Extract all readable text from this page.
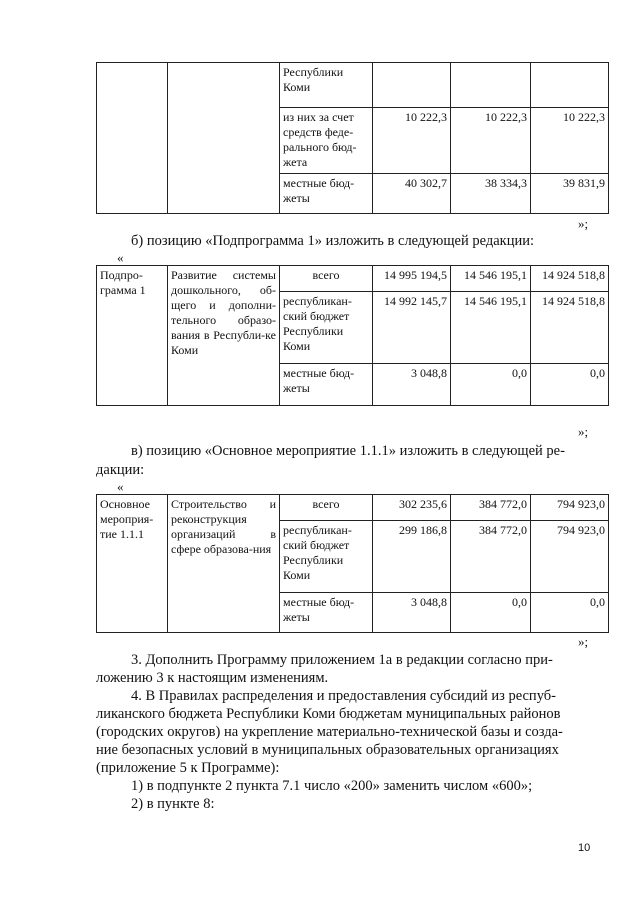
		Республики Коми			
		из них за счет средств феде-рального бюд-жета	10 222,3	10 222,3	10 222,3
		местные бюд-жеты	40 302,7	38 334,3	39 831,9
»;

б) позицию «Подпрограмма 1» изложить в следующей редакции:

«
Подпро-грамма 1	Развитие системы дошкольного, об-щего и дополни-тельного образо-вания в Республи-ке Коми	всего	14 995 194,5	14 546 195,1	14 924 518,8
		республикан-ский бюджет Республики Коми	14 992 145,7	14 546 195,1	14 924 518,8
		местные бюд-жеты	3 048,8	0,0	0,0
»;

в) позицию «Основное мероприятие 1.1.1» изложить в следующей ре-

дакции:

«
Основное мероприя-тие 1.1.1	Строительство и реконструкция организаций в сфере образова-ния	всего	302 235,6	384 772,0	794 923,0
		республикан-ский бюджет Республики Коми	299 186,8	384 772,0	794 923,0
		местные бюд-жеты	3 048,8	0,0	0,0
»;

3. Дополнить Программу приложением 1а в редакции согласно при-

ложению 3 к настоящим изменениям.

4. В Правилах распределения и предоставления субсидий из респуб-

ликанского бюджета Республики Коми бюджетам муниципальных районов

(городских округов) на укрепление материально-технической базы и созда-

ние безопасных условий в муниципальных образовательных организациях

(приложение 5 к Программе):

1) в подпункте 2 пункта 7.1 число «200» заменить числом «600»;

2) в пункте 8:

10
